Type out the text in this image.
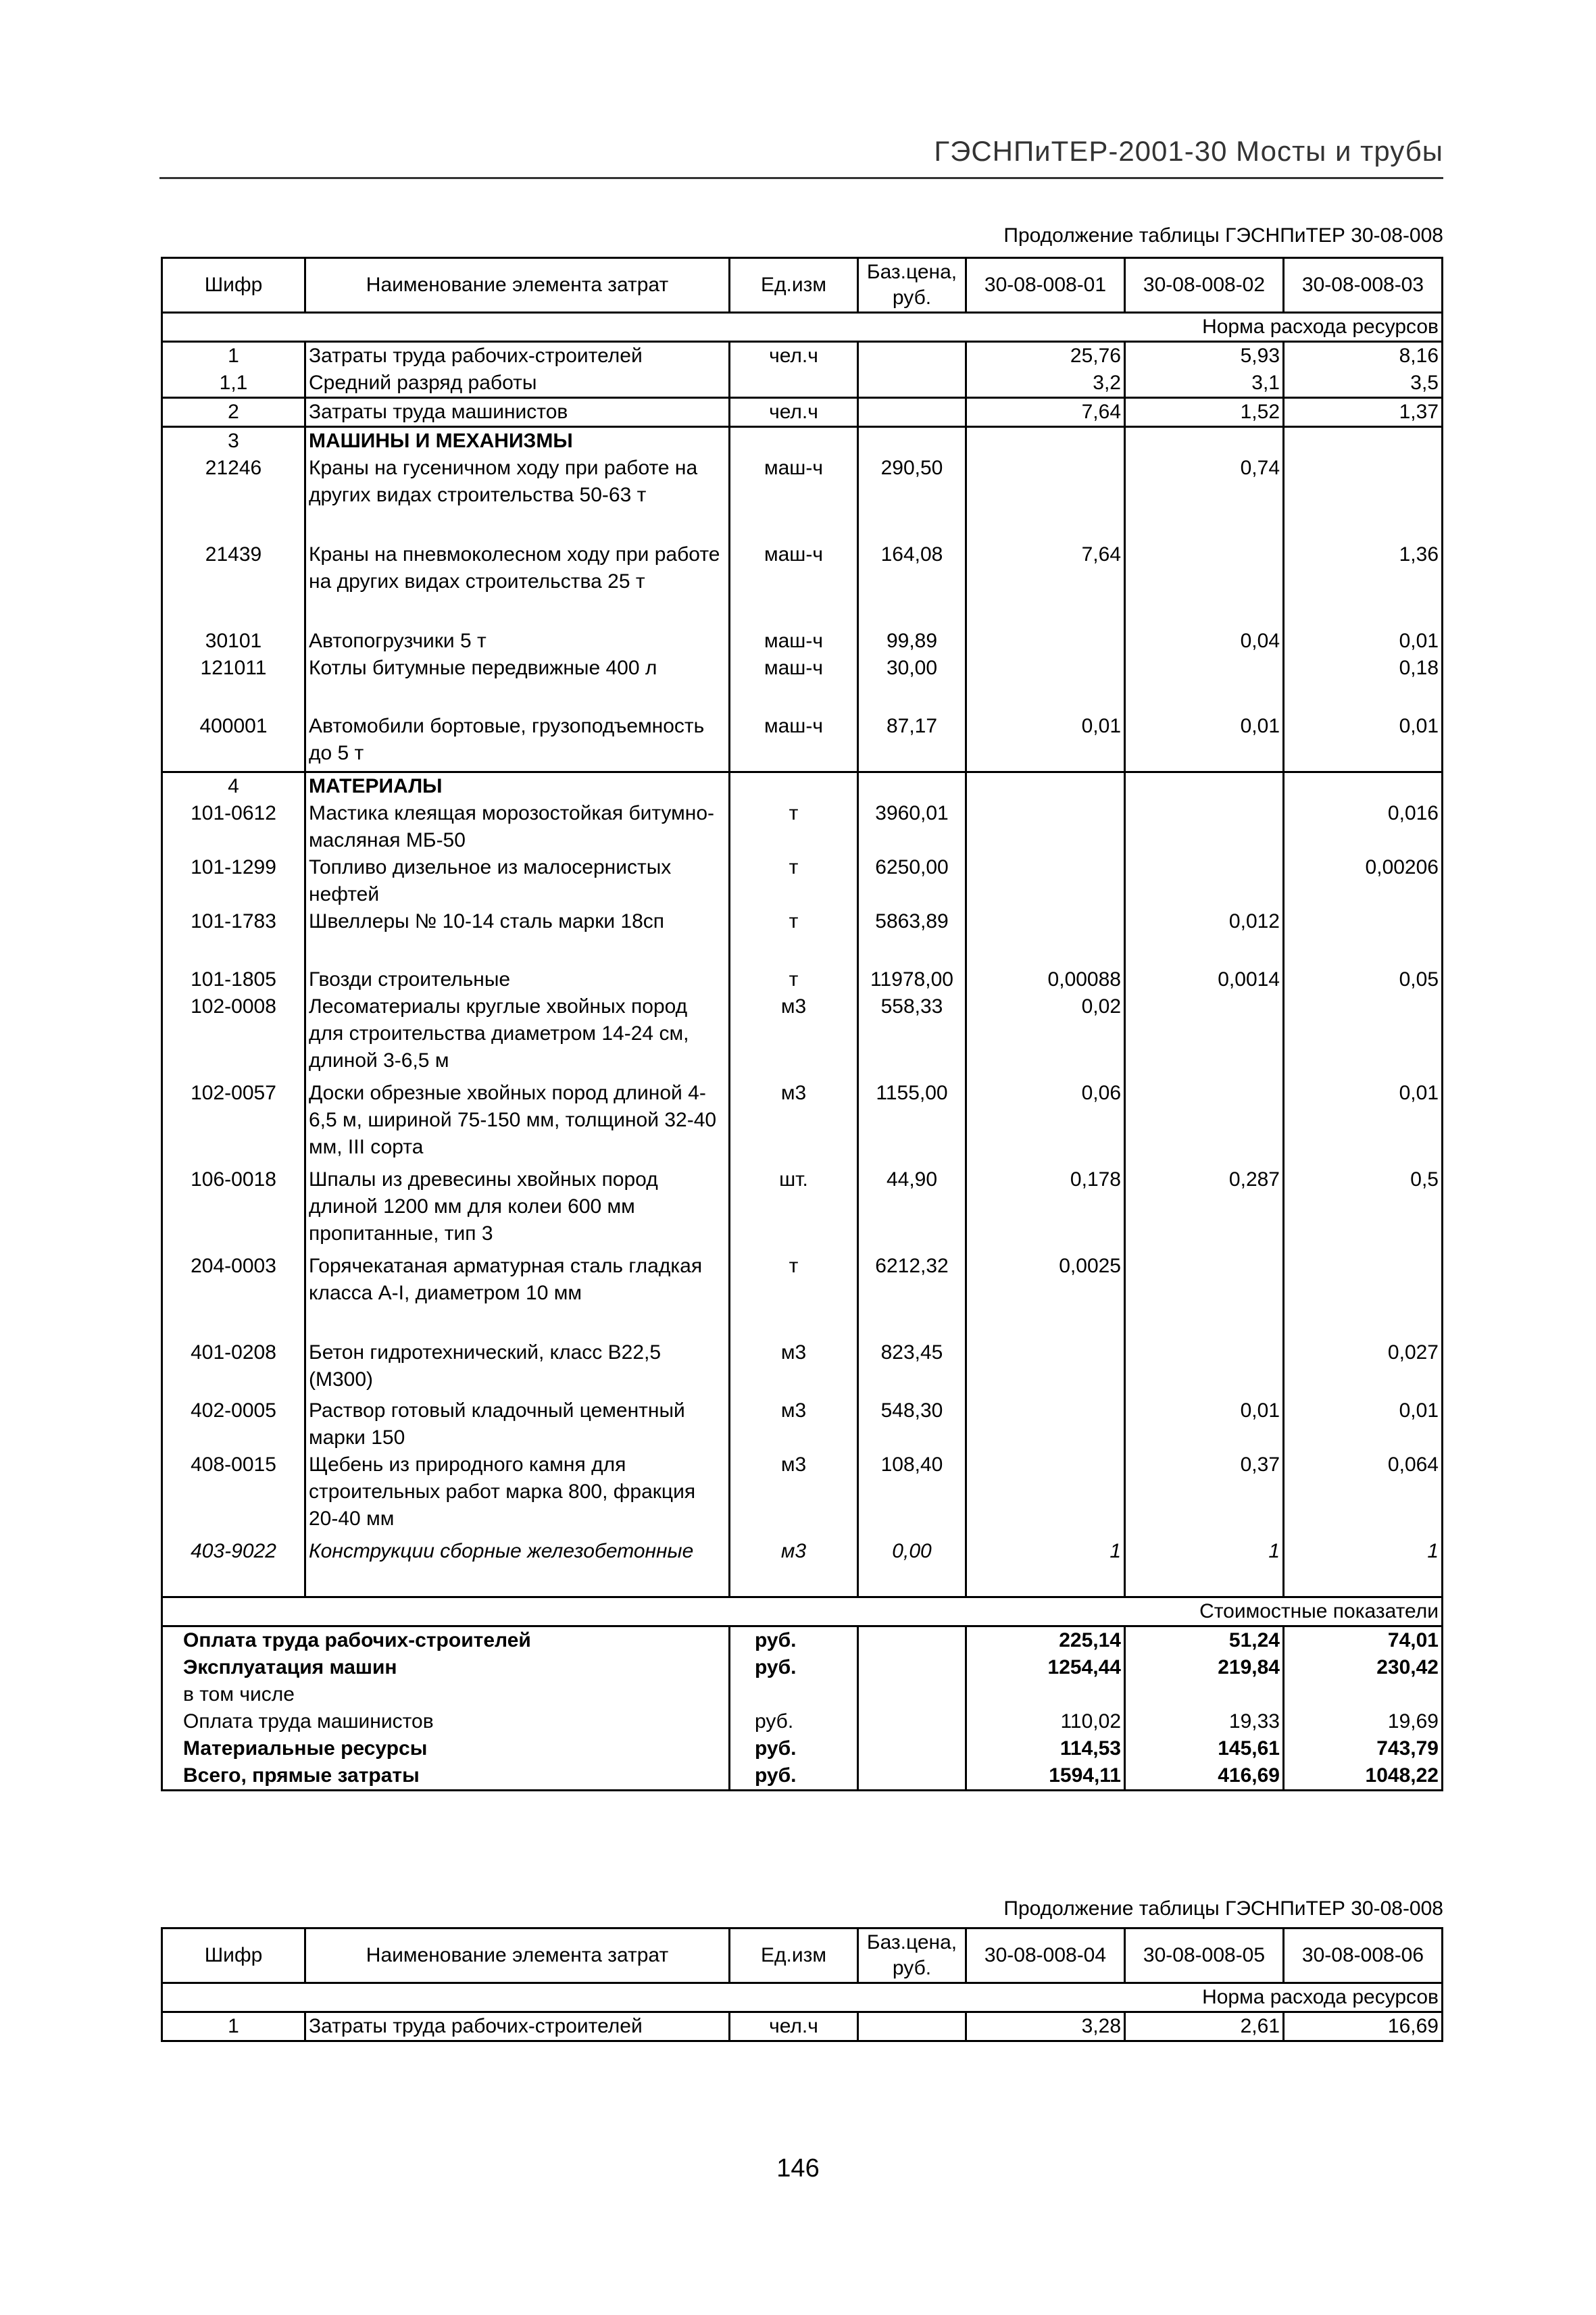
ГЭСНПиТЕР-2001-30 Мосты и трубы
Продолжение таблицы ГЭСНПиТЕР 30-08-008
Шифр	Наименование элемента затрат	Ед.изм	Баз.цена, руб.	30-08-008-01	30-08-008-02	30-08-008-03
Норма расхода ресурсов						
1	Затраты труда рабочих-строителей	чел.ч		25,76	5,93	8,16
1,1	Средний разряд работы			3,2	3,1	3,5
2	Затраты труда машинистов	чел.ч		7,64	1,52	1,37
3	МАШИНЫ И МЕХАНИЗМЫ					
21246	Краны на гусеничном ходу при работе на других видах строительства 50-63 т	маш-ч	290,50		0,74	
21439	Краны на пневмоколесном ходу при работе на других видах строительства 25 т	маш-ч	164,08	7,64		1,36
30101	Автопогрузчики 5 т	маш-ч	99,89		0,04	0,01
121011	Котлы битумные передвижные 400 л	маш-ч	30,00			0,18
400001	Автомобили бортовые, грузоподъемность до 5 т	маш-ч	87,17	0,01	0,01	0,01
4	МАТЕРИАЛЫ					
101-0612	Мастика клеящая морозостойкая битумно-масляная МБ-50	т	3960,01			0,016
101-1299	Топливо дизельное из малосернистых нефтей	т	6250,00			0,00206
101-1783	Швеллеры № 10-14 сталь марки 18сп	т	5863,89		0,012	
101-1805	Гвозди строительные	т	11978,00	0,00088	0,0014	0,05
102-0008	Лесоматериалы круглые хвойных пород для строительства диаметром 14-24 см, длиной 3-6,5 м	м3	558,33	0,02		
102-0057	Доски обрезные хвойных пород длиной 4-6,5 м, шириной 75-150 мм, толщиной 32-40 мм, III сорта	м3	1155,00	0,06		0,01
106-0018	Шпалы из древесины хвойных пород длиной 1200 мм для колеи 600 мм пропитанные, тип 3	шт.	44,90	0,178	0,287	0,5
204-0003	Горячекатаная арматурная сталь гладкая класса А-I, диаметром 10 мм	т	6212,32	0,0025		
401-0208	Бетон гидротехнический, класс В22,5 (М300)	м3	823,45			0,027
402-0005	Раствор готовый кладочный цементный марки 150	м3	548,30		0,01	0,01
408-0015	Щебень из природного камня для строительных работ марка 800, фракция 20-40 мм	м3	108,40		0,37	0,064
403-9022	Конструкции сборные железобетонные	м3	0,00	1	1	1
Стоимостные показатели						
Оплата труда рабочих-строителей		руб.		225,14	51,24	74,01
Эксплуатация машин		руб.		1254,44	219,84	230,42
в том числе						
Оплата труда машинистов		руб.		110,02	19,33	19,69
Материальные ресурсы		руб.		114,53	145,61	743,79
Всего, прямые затраты		руб.		1594,11	416,69	1048,22
Продолжение таблицы ГЭСНПиТЕР 30-08-008
Шифр	Наименование элемента затрат	Ед.изм	Баз.цена, руб.	30-08-008-04	30-08-008-05	30-08-008-06
Норма расхода ресурсов						
1	Затраты труда рабочих-строителей	чел.ч		3,28	2,61	16,69
146
